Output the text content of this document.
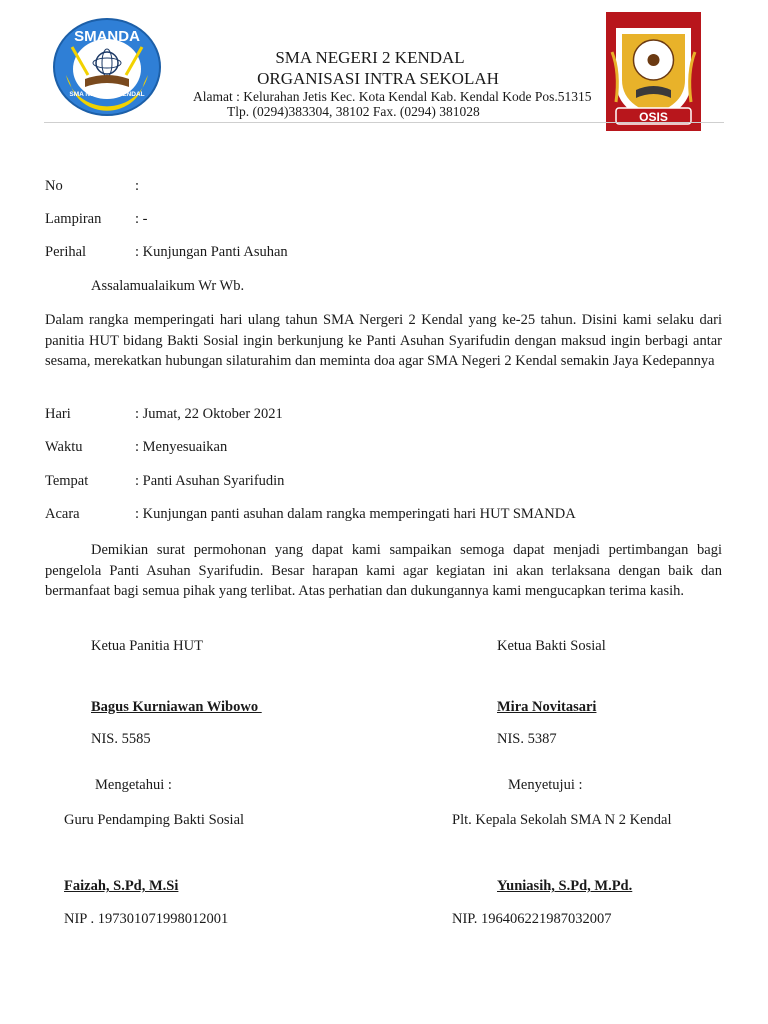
SMANDA
SMA NEGERI 2 KENDAL
OSIS
SMA NEGERI 2 KENDAL
ORGANISASI INTRA SEKOLAH
Alamat : Kelurahan Jetis Kec. Kota Kendal Kab. Kendal Kode Pos.51315
Tlp. (0294)383304, 38102 Fax. (0294) 381028
No	:
Lampiran : -
Perihal	: Kunjungan Panti Asuhan
Assalamualaikum Wr Wb.
Dalam rangka memperingati hari ulang tahun SMA Nergeri 2 Kendal yang ke-25 tahun. Disini kami selaku dari panitia HUT bidang Bakti Sosial ingin berkunjung ke Panti Asuhan Syarifudin dengan maksud ingin berbagi antar sesama, merekatkan hubungan silaturahim dan meminta doa agar SMA Negeri 2 Kendal semakin Jaya Kedepannya
Hari	: Jumat, 22 Oktober 2021
Waktu	: Menyesuaikan
Tempat	: Panti Asuhan Syarifudin
Acara	: Kunjungan panti asuhan dalam rangka memperingati hari HUT SMANDA
Demikian surat permohonan yang dapat kami sampaikan semoga dapat menjadi pertimbangan bagi pengelola Panti Asuhan Syarifudin. Besar harapan kami agar kegiatan ini akan terlaksana dengan baik dan bermanfaat bagi semua pihak yang terlibat. Atas perhatian dan dukungannya kami mengucapkan terima kasih.
Ketua Panitia HUT	Ketua Bakti Sosial
Bagus Kurniawan Wibowo	Mira Novitasari
NIS. 5585	NIS. 5387
Mengetahui :	Menyetujui :
Guru Pendamping Bakti Sosial	Plt. Kepala Sekolah SMA N 2 Kendal
Faizah, S.Pd, M.Si	Yuniasih, S.Pd, M.Pd.
NIP . 197301071998012001	NIP. 196406221987032007
